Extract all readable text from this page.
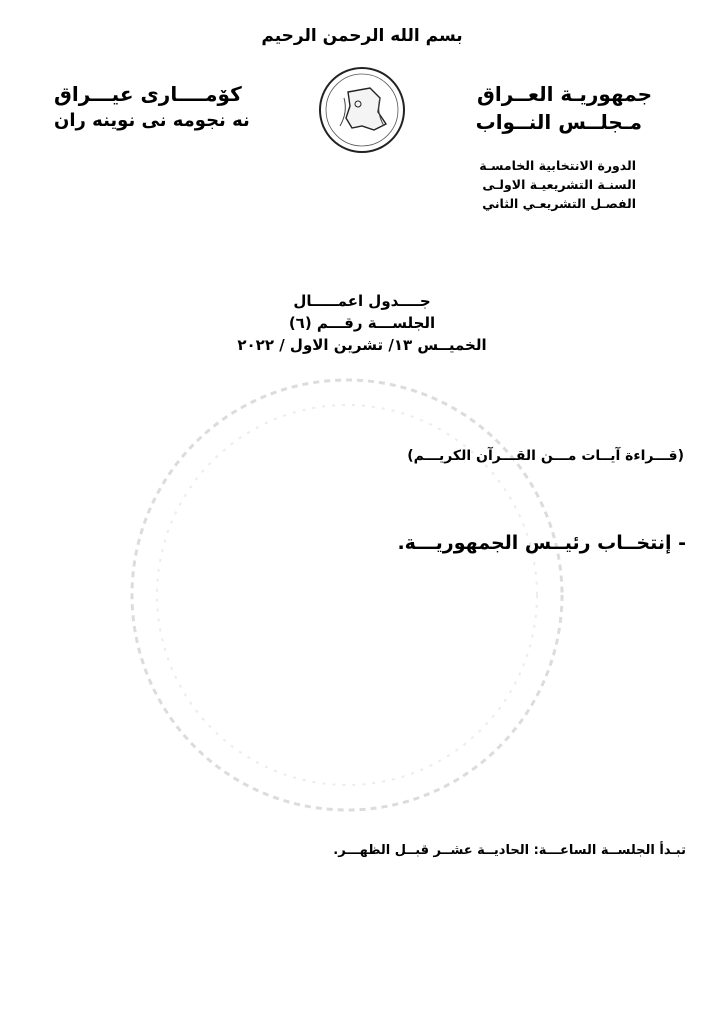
بسم الله الرحمن الرحيم
جمهوريـة العــراق
مـجلــس النــواب
كۆمــــارى عيـــراق
نه نجومه نى نوينه ران
الدورة الانتخابية الخامسـة
السنـة التشريعيـة الاولـى
الفصـل التشريعـي الثاني
جــــدول اعمـــــال
الجلســـة رقـــم (٦)
الخميــس ١٣/ تشرين الاول / ٢٠٢٢
(قـــراءة آيــات مـــن القـــرآن الكريـــم)
- إنتخــاب رئيــس الجمهوريـــة.
تبـدأ الجلســة الساعـــة: الحاديــة عشــر قبــل الظهـــر.
